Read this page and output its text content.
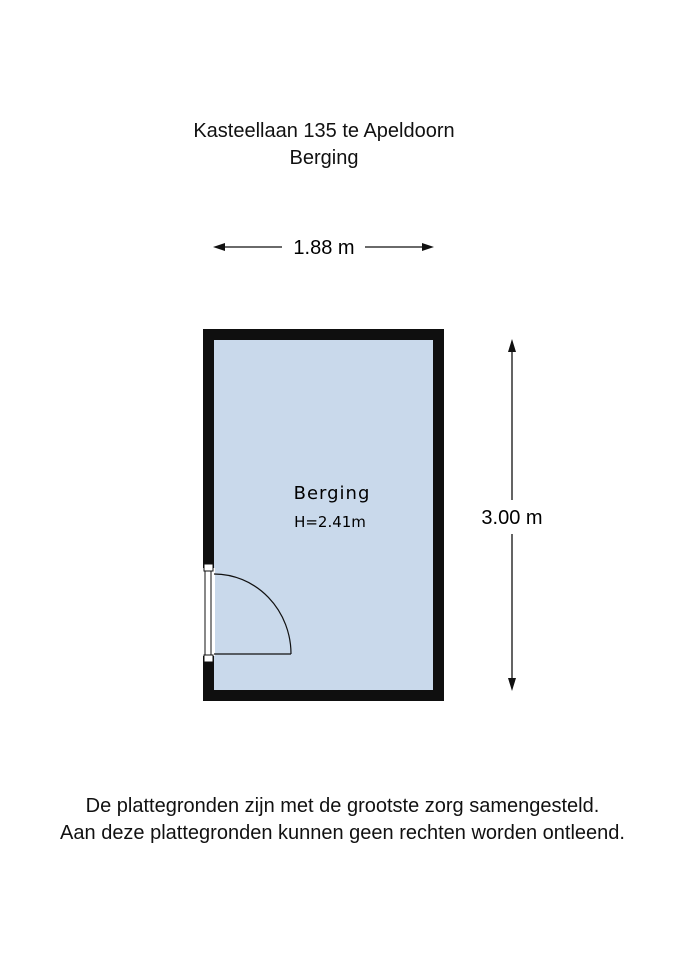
Kasteellaan 135 te Apeldoorn
Berging
Berging
H=2.41m
1.88 m
3.00 m
De plattegronden zijn met de grootste zorg samengesteld.
Aan deze plattegronden kunnen geen rechten worden ontleend.
